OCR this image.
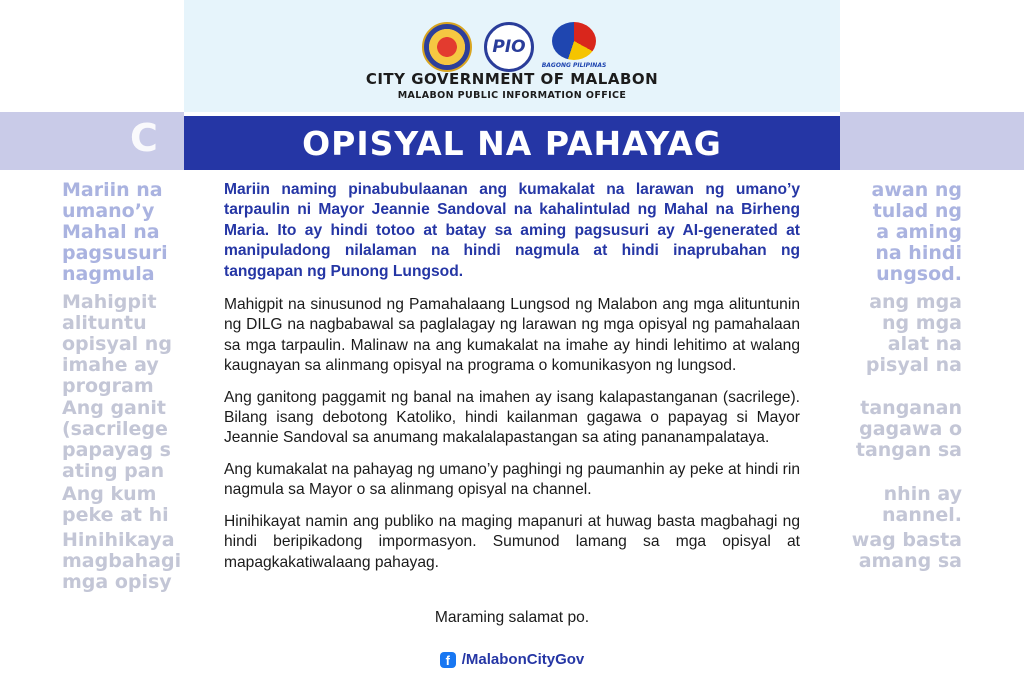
C
Mariin na	awan ng
umano’y	tulad ng
Mahal na	a aming
pagsusuri	na hindi
nagmula	ungsod.
Mahigpit	ang mga
alituntu	ng mga
opisyal ng	alat na
imahe ay	pisyal na
program
Ang ganit	tanganan
(sacrilege	gagawa o
papayag s	tangan sa
ating pan
Ang kum	nhin ay
peke at hi	nannel.
Hinihikaya	wag basta
magbahagi	amang sa
mga opisy
PIO
BAGONG PILIPINAS
CITY GOVERNMENT OF MALABON
MALABON PUBLIC INFORMATION OFFICE
OPISYAL NA PAHAYAG

Mariin naming pinabubulaanan ang kumakalat na larawan ng umano’y tarpaulin ni Mayor Jeannie Sandoval na kahalintulad ng Mahal na Birheng Maria. Ito ay hindi totoo at batay sa aming pagsusuri ay AI-generated at manipuladong nilalaman na hindi nagmula at hindi inaprubahan ng tanggapan ng Punong Lungsod.

Mahigpit na sinusunod ng Pamahalaang Lungsod ng Malabon ang mga alituntunin ng DILG na nagbabawal sa paglalagay ng larawan ng mga opisyal ng pamahalaan sa mga tarpaulin. Malinaw na ang kumakalat na imahe ay hindi lehitimo at walang kaugnayan sa alinmang opisyal na programa o komunikasyon ng lungsod.

Ang ganitong paggamit ng banal na imahen ay isang kalapastanganan (sacrilege). Bilang isang debotong Katoliko, hindi kailanman gagawa o papayag si Mayor Jeannie Sandoval sa anumang makalalapastangan sa ating pananampalataya.

Ang kumakalat na pahayag ng umano’y paghingi ng paumanhin ay peke at hindi rin nagmula sa Mayor o sa alinmang opisyal na channel.

Hinihikayat namin ang publiko na maging mapanuri at huwag basta magbahagi ng hindi beripikadong impormasyon. Sumunod lamang sa mga opisyal at mapagkakatiwalaang pahayag.

Maraming salamat po.
f /MalabonCityGov
